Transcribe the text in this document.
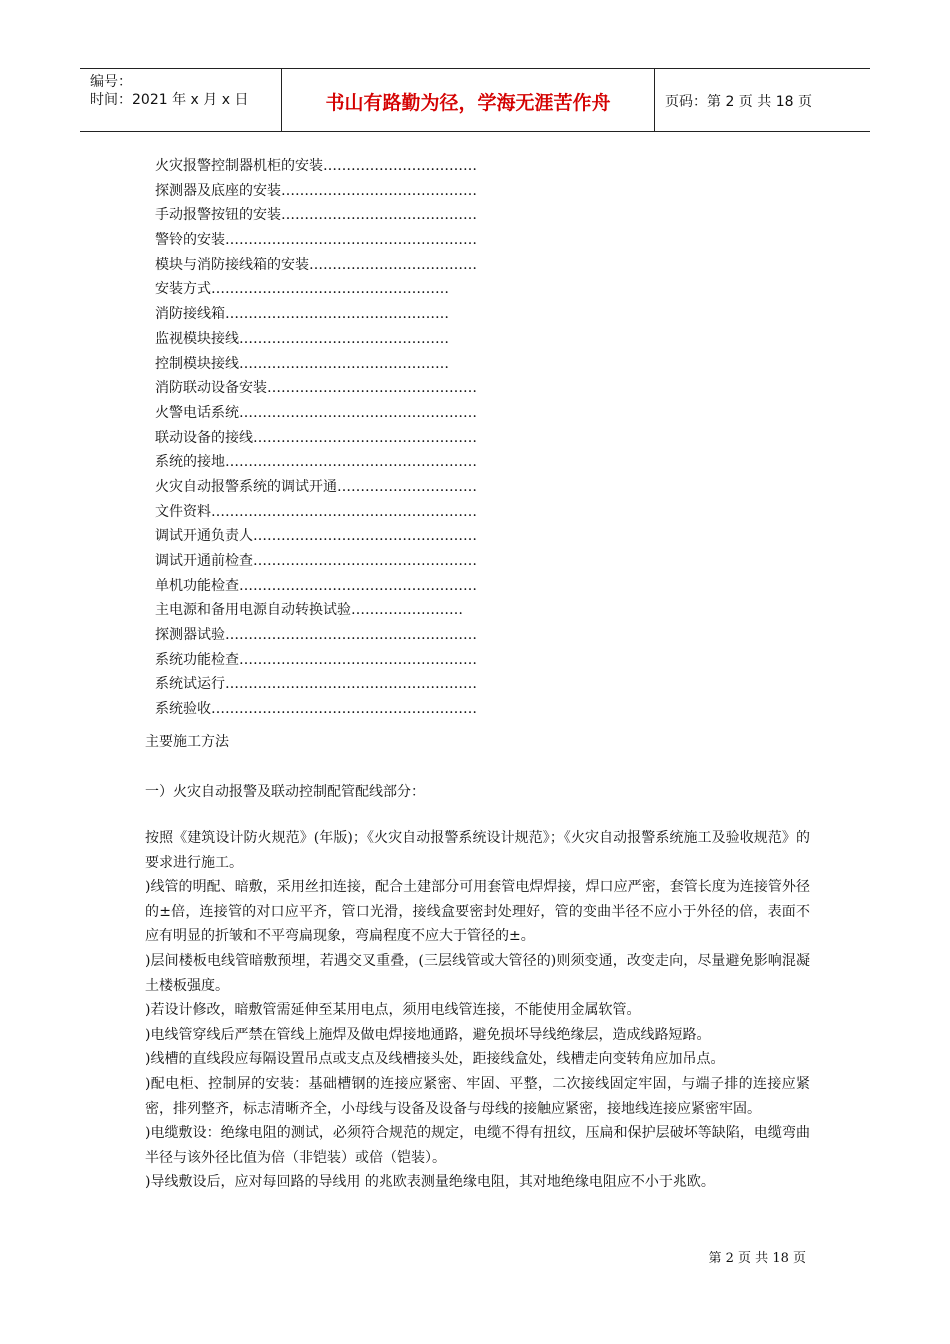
编号：
时间：2021 年 x 月 x 日	书山有路勤为径，学海无涯苦作舟	页码：第 2 页 共 18 页
火灾报警控制器机柜的安装……………………………
探测器及底座的安装……………………………………
手动报警按钮的安装……………………………………
警铃的安装………………………………………………
模块与消防接线箱的安装………………………………
安装方式……………………………………………
消防接线箱…………………………………………
监视模块接线………………………………………
控制模块接线………………………………………
消防联动设备安装………………………………………
火警电话系统……………………………………………
联动设备的接线…………………………………………
系统的接地………………………………………………
火灾自动报警系统的调试开通…………………………
文件资料…………………………………………………
调试开通负责人…………………………………………
调试开通前检查…………………………………………
单机功能检查……………………………………………
主电源和备用电源自动转换试验……………………
探测器试验………………………………………………
系统功能检查……………………………………………
系统试运行………………………………………………
系统验收…………………………………………………
主要施工方法
一）火灾自动报警及联动控制配管配线部分：

按照《建筑设计防火规范》(年版)；《火灾自动报警系统设计规范》；《火灾自动报警系统施工及验收规范》的要求进行施工。

)线管的明配、暗敷，采用丝扣连接，配合土建部分可用套管电焊焊接，焊口应严密，套管长度为连接管外径的±倍，连接管的对口应平齐，管口光滑，接线盒要密封处理好，管的变曲半径不应小于外径的倍，表面不应有明显的折皱和不平弯扁现象，弯扁程度不应大于管径的±。

)层间楼板电线管暗敷预埋，若遇交叉重叠，(三层线管或大管径的)则须变通，改变走向，尽量避免影响混凝土楼板强度。

)若设计修改，暗敷管需延伸至某用电点，须用电线管连接，不能使用金属软管。

)电线管穿线后严禁在管线上施焊及做电焊接地通路，避免损坏导线绝缘层，造成线路短路。

)线槽的直线段应每隔设置吊点或支点及线槽接头处，距接线盒处，线槽走向变转角应加吊点。

)配电柜、控制屏的安装：基础槽钢的连接应紧密、牢固、平整，二次接线固定牢固，与端子排的连接应紧密，排列整齐，标志清晰齐全，小母线与设备及设备与母线的接触应紧密，接地线连接应紧密牢固。

)电缆敷设：绝缘电阻的测试，必须符合规范的规定，电缆不得有扭纹，压扁和保护层破坏等缺陷，电缆弯曲半径与该外径比值为倍（非铠装）或倍（铠装）。

)导线敷设后，应对每回路的导线用 的兆欧表测量绝缘电阻，其对地绝缘电阻应不小于兆欧。

第 2 页 共 18 页
